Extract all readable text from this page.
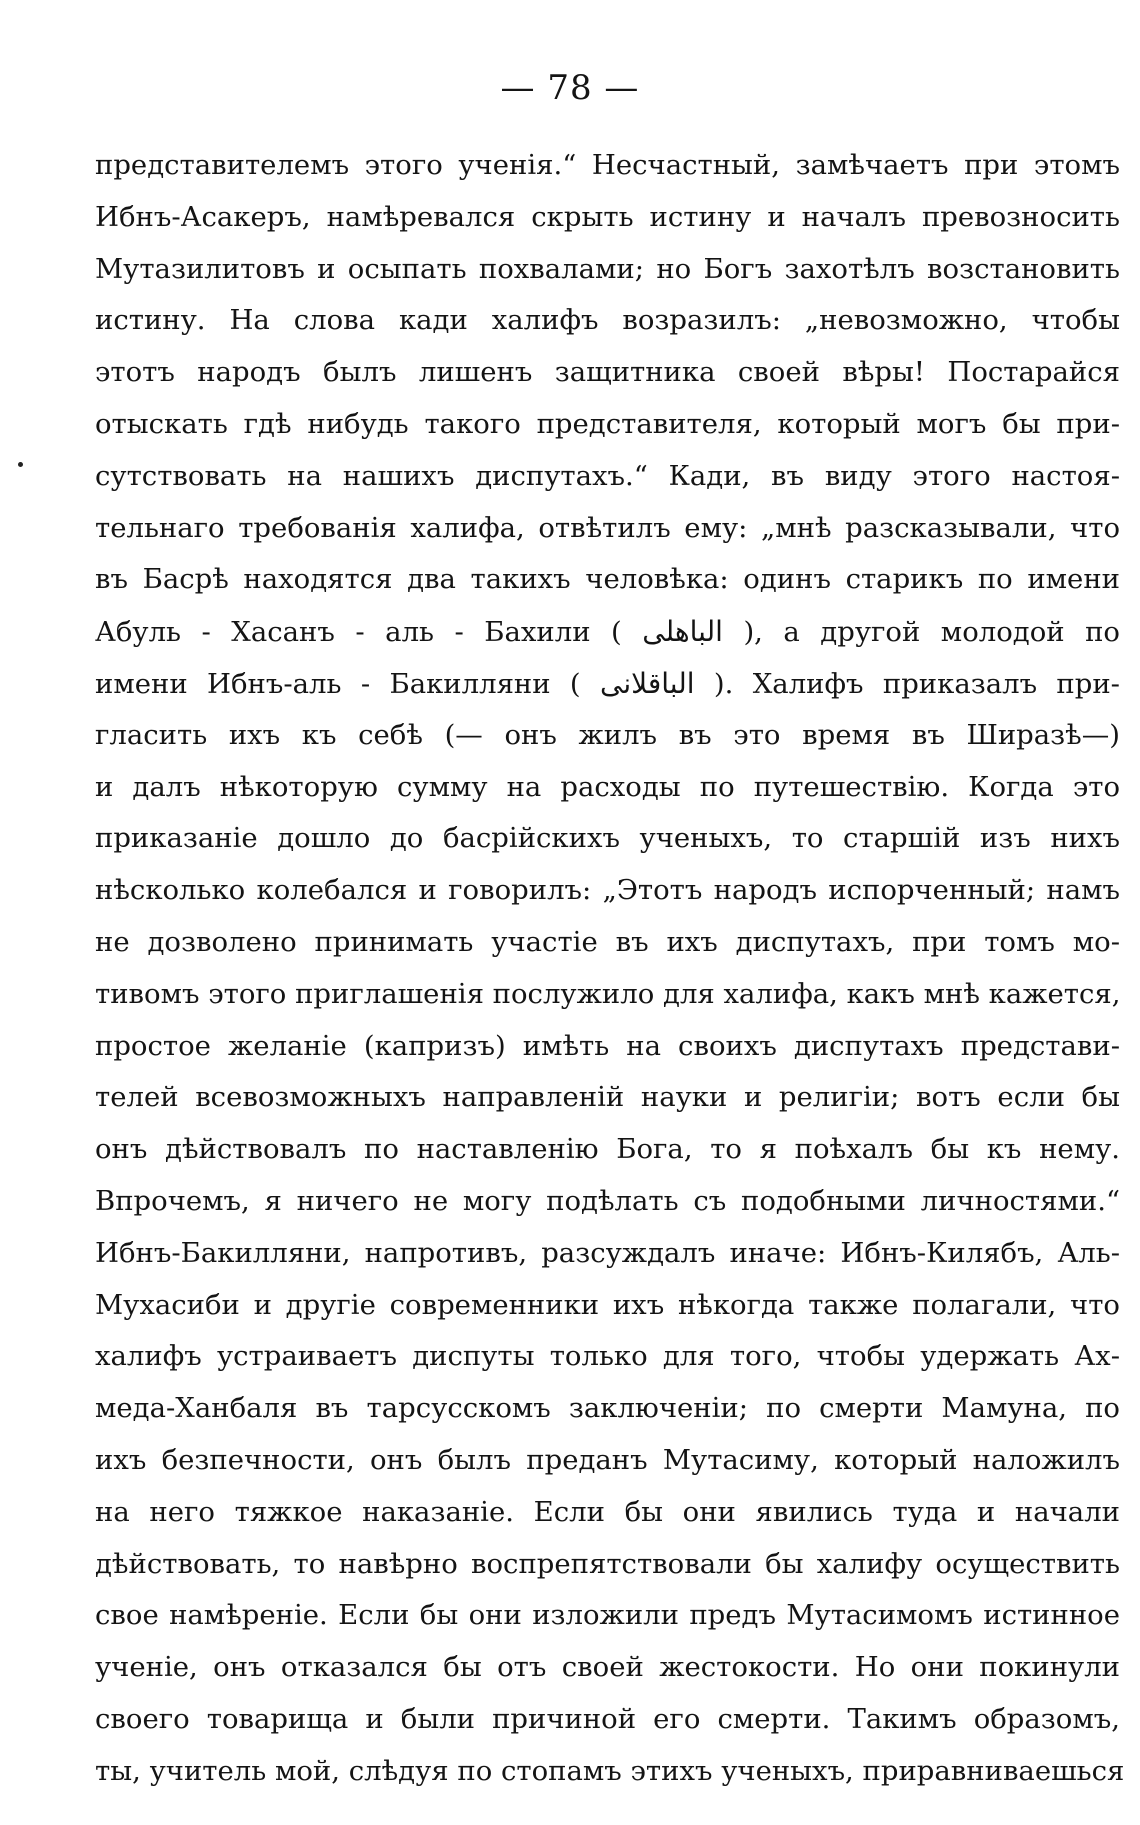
— 78 —
представителемъ этого ученія.“ Несчастный, замѣчаетъ при этомъ
Ибнъ-Асакеръ, намѣревался скрыть истину и началъ превозносить
Мутазилитовъ и осыпать похвалами; но Богъ захотѣлъ возстановить
истину. На слова кади халифъ возразилъ: „невозможно, чтобы
этотъ народъ былъ лишенъ защитника своей вѣры! Постарайся
отыскать гдѣ нибудь такого представителя, который могъ бы при-
сутствовать на нашихъ диспутахъ.“ Кади, въ виду этого настоя-
тельнаго требованія халифа, отвѣтилъ ему: „мнѣ разсказывали, что
въ Басрѣ находятся два такихъ человѣка: одинъ старикъ по имени
Абуль - Хасанъ - аль - Бахили ( الباهلى ), а другой молодой по
имени Ибнъ-аль - Бакилляни ( الباقلانى ). Халифъ приказалъ при-
гласить ихъ къ себѣ (— онъ жилъ въ это время въ Ширазѣ—)
и далъ нѣкоторую сумму на расходы по путешествію. Когда это
приказаніе дошло до басрійскихъ ученыхъ, то старшій изъ нихъ
нѣсколько колебался и говорилъ: „Этотъ народъ испорченный; намъ
не дозволено принимать участіе въ ихъ диспутахъ, при томъ мо-
тивомъ этого приглашенія послужило для халифа, какъ мнѣ кажется,
простое желаніе (капризъ) имѣть на своихъ диспутахъ представи-
телей всевозможныхъ направленій науки и религіи; вотъ если бы
онъ дѣйствовалъ по наставленію Бога, то я поѣхалъ бы къ нему.
Впрочемъ, я ничего не могу подѣлать съ подобными личностями.“
Ибнъ-Бакилляни, напротивъ, разсуждалъ иначе: Ибнъ-Килябъ, Аль-
Мухасиби и другіе современники ихъ нѣкогда также полагали, что
халифъ устраиваетъ диспуты только для того, чтобы удержать Ах-
меда-Ханбаля въ тарсусскомъ заключеніи; по смерти Мамуна, по
ихъ безпечности, онъ былъ преданъ Мутасиму, который наложилъ
на него тяжкое наказаніе. Если бы они явились туда и начали
дѣйствовать, то навѣрно воспрепятствовали бы халифу осуществить
свое намѣреніе. Если бы они изложили предъ Мутасимомъ истинное
ученіе, онъ отказался бы отъ своей жестокости. Но они покинули
своего товарища и были причиной его смерти. Такимъ образомъ,
ты, учитель мой, слѣдуя по стопамъ этихъ ученыхъ, приравниваешься
